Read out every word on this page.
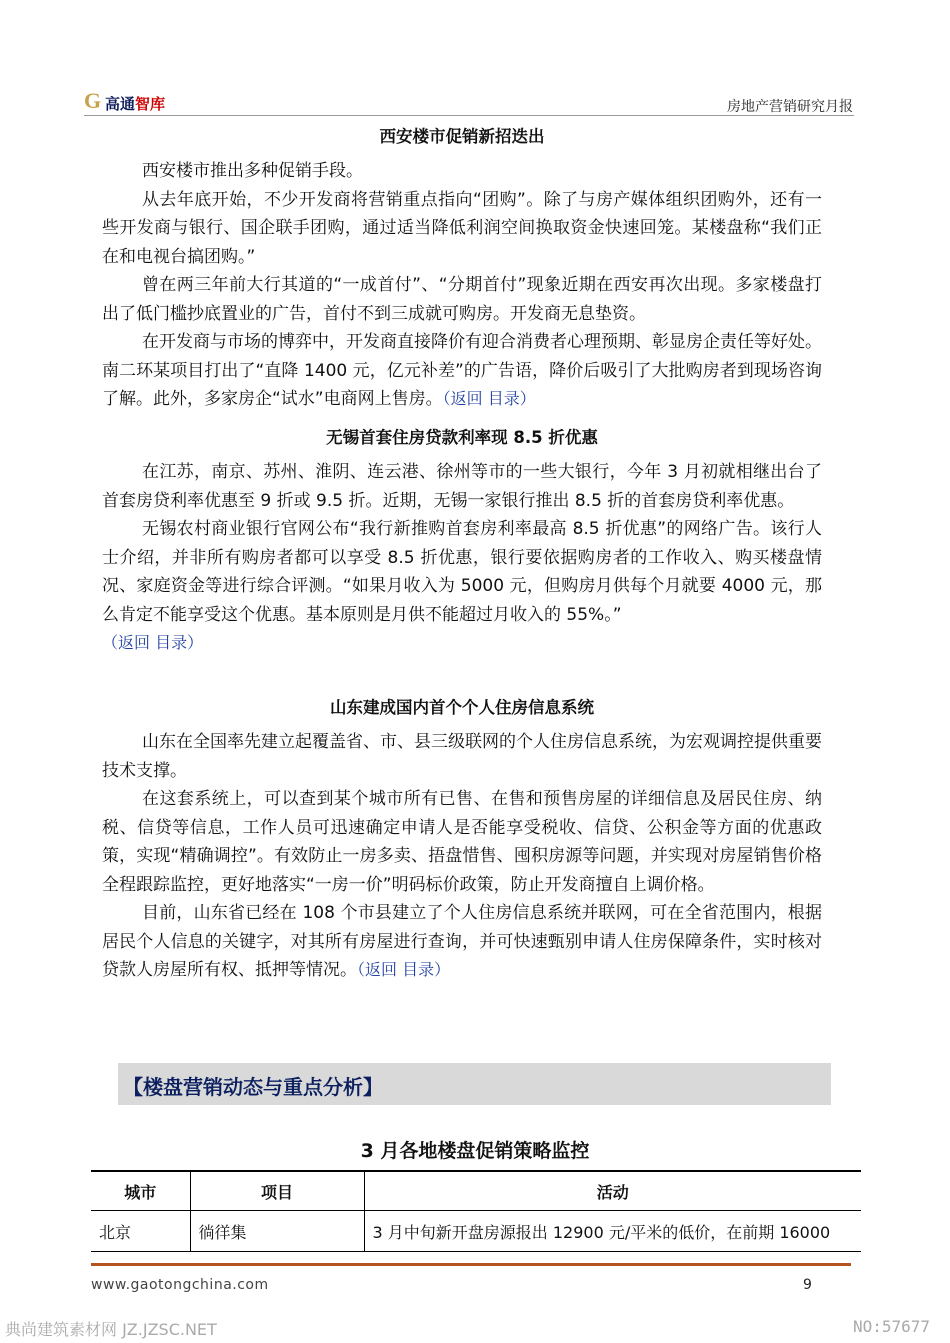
G 高通智库	房地产营销研究月报
西安楼市促销新招迭出

西安楼市推出多种促销手段。

从去年底开始，不少开发商将营销重点指向“团购”。除了与房产媒体组织团购外，还有一些开发商与银行、国企联手团购，通过适当降低利润空间换取资金快速回笼。某楼盘称“我们正在和电视台搞团购。”

曾在两三年前大行其道的“一成首付”、“分期首付”现象近期在西安再次出现。多家楼盘打出了低门槛抄底置业的广告，首付不到三成就可购房。开发商无息垫资。

在开发商与市场的博弈中，开发商直接降价有迎合消费者心理预期、彰显房企责任等好处。南二环某项目打出了“直降 1400 元，亿元补差”的广告语，降价后吸引了大批购房者到现场咨询了解。此外，多家房企“试水”电商网上售房。（返回 目录）

无锡首套住房贷款利率现 8.5 折优惠

在江苏，南京、苏州、淮阴、连云港、徐州等市的一些大银行，今年 3 月初就相继出台了首套房贷利率优惠至 9 折或 9.5 折。近期，无锡一家银行推出 8.5 折的首套房贷利率优惠。

无锡农村商业银行官网公布“我行新推购首套房利率最高 8.5 折优惠”的网络广告。该行人士介绍，并非所有购房者都可以享受 8.5 折优惠，银行要依据购房者的工作收入、购买楼盘情况、家庭资金等进行综合评测。“如果月收入为 5000 元，但购房月供每个月就要 4000 元，那么肯定不能享受这个优惠。基本原则是月供不能超过月收入的 55%。”

（返回 目录）

山东建成国内首个个人住房信息系统

山东在全国率先建立起覆盖省、市、县三级联网的个人住房信息系统，为宏观调控提供重要技术支撑。

在这套系统上，可以查到某个城市所有已售、在售和预售房屋的详细信息及居民住房、纳税、信贷等信息，工作人员可迅速确定申请人是否能享受税收、信贷、公积金等方面的优惠政策，实现“精确调控”。有效防止一房多卖、捂盘惜售、囤积房源等问题，并实现对房屋销售价格全程跟踪监控，更好地落实“一房一价”明码标价政策，防止开发商擅自上调价格。

目前，山东省已经在 108 个市县建立了个人住房信息系统并联网，可在全省范围内，根据居民个人信息的关键字，对其所有房屋进行查询，并可快速甄别申请人住房保障条件，实时核对贷款人房屋所有权、抵押等情况。（返回 目录）

【楼盘营销动态与重点分析】
3 月各地楼盘促销策略监控
城市	项目	活动
北京	徜徉集	3 月中旬新开盘房源报出 12900 元/平米的低价，在前期 16000
www.gaotongchina.com	9
典尚建筑素材网 JZ.JZSC.NET	NO:57677
